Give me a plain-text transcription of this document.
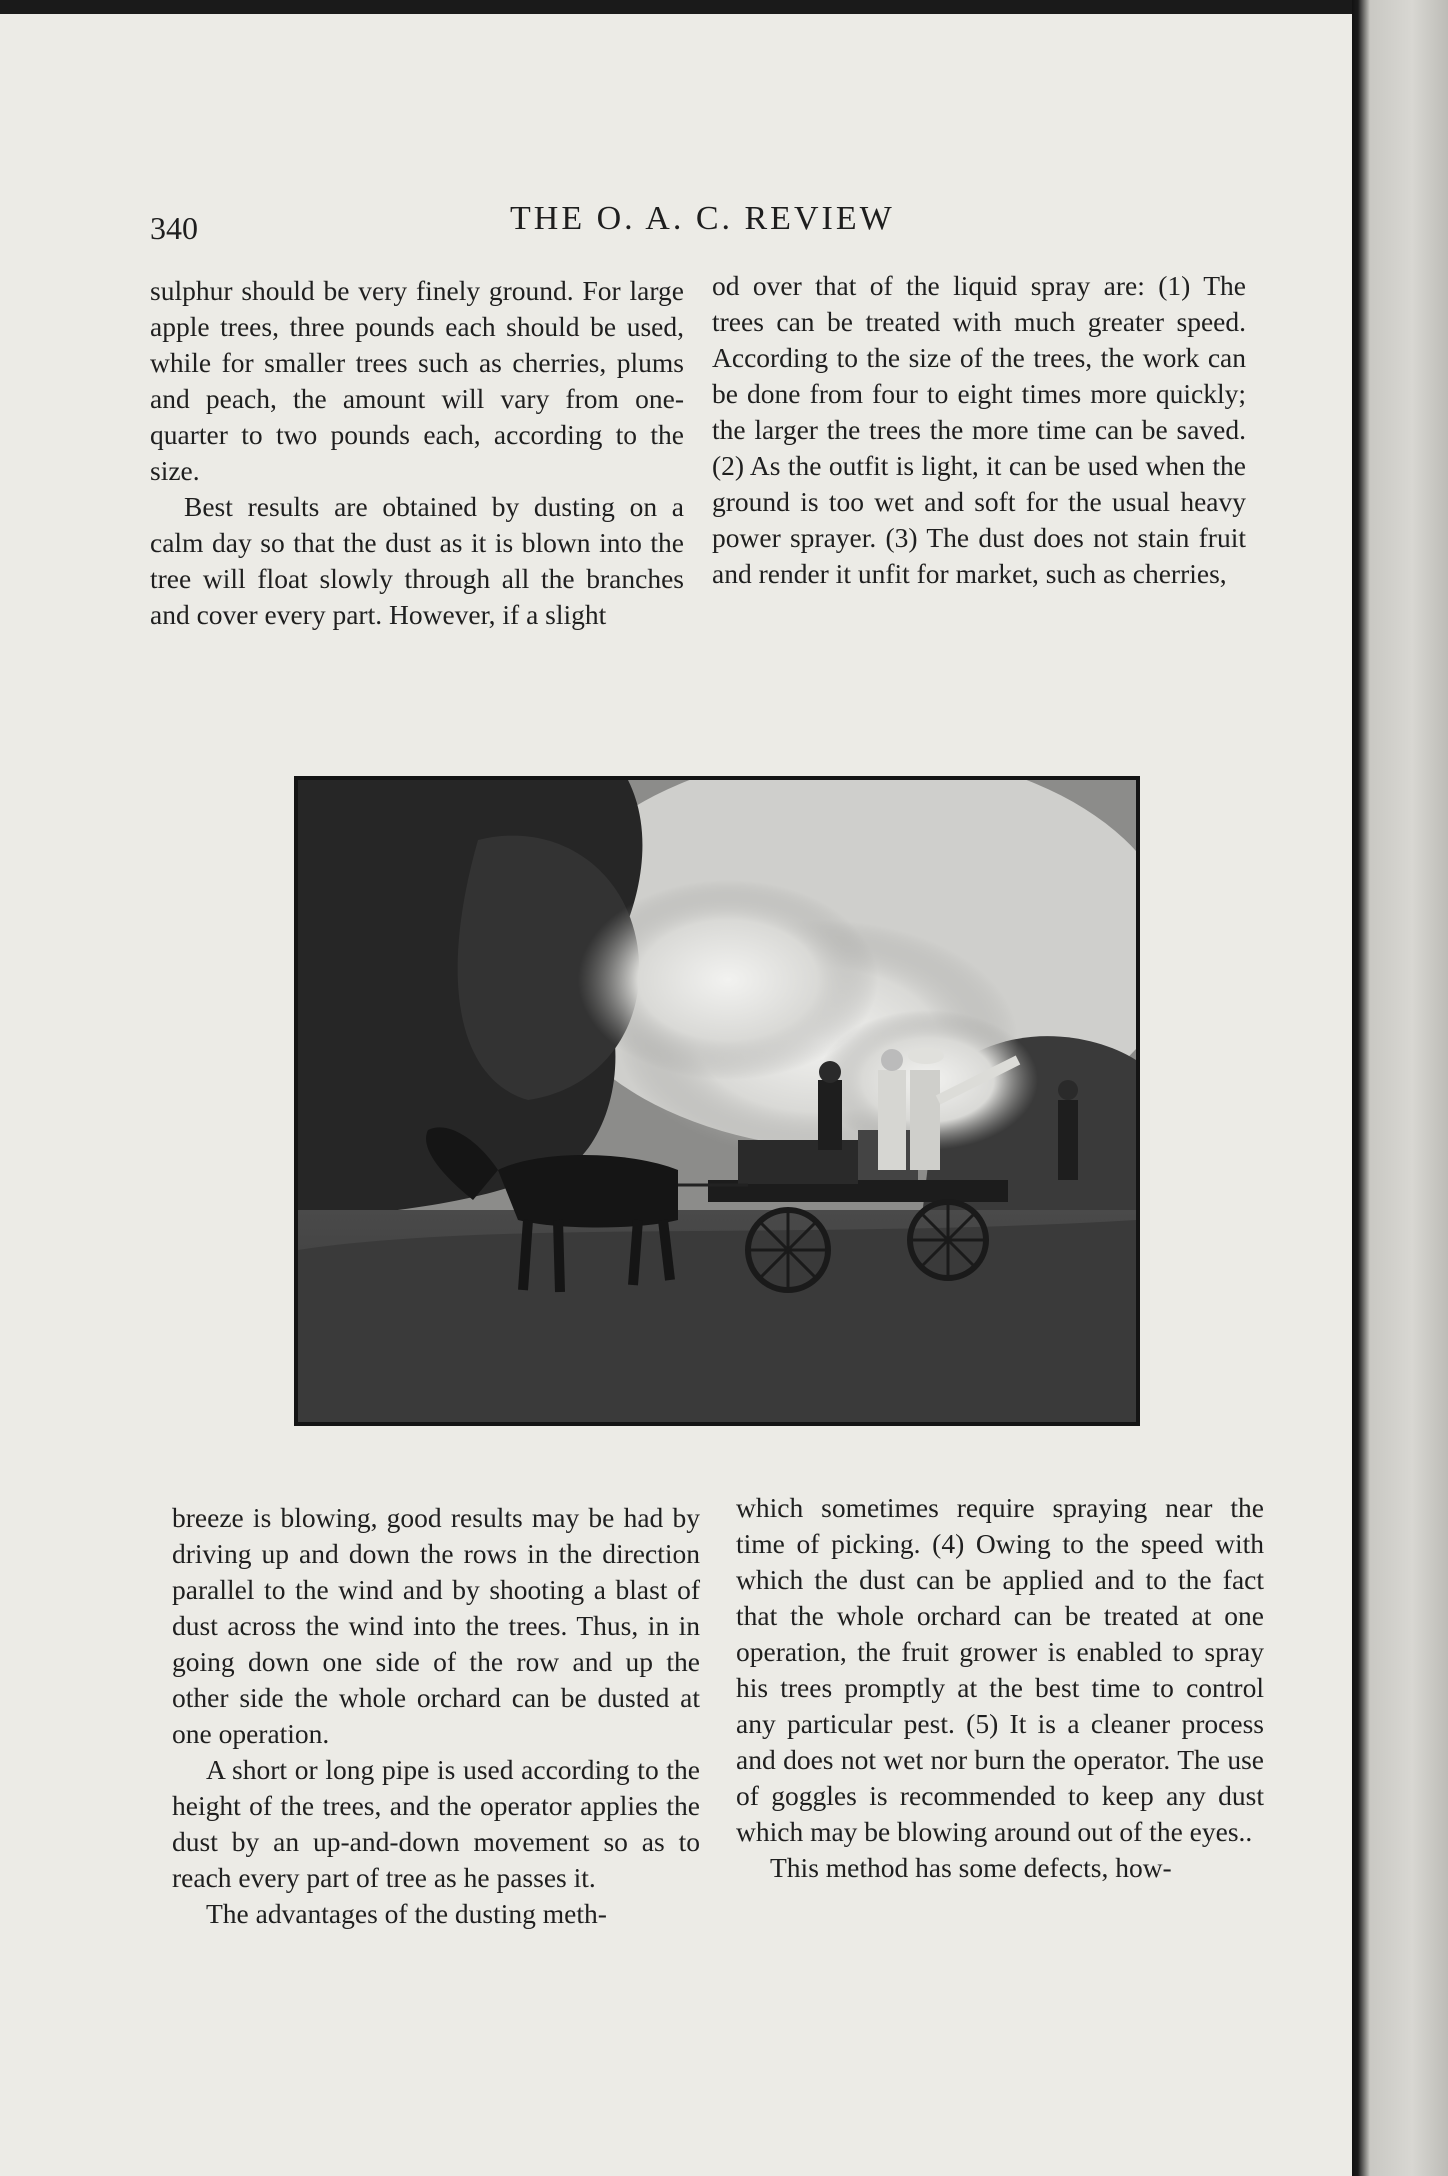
340	THE O. A. C. REVIEW

sulphur should be very finely ground. For large apple trees, three pounds each should be used, while for smaller trees such as cherries, plums and peach, the amount will vary from one-quarter to two pounds each, according to the size.

Best results are obtained by dusting on a calm day so that the dust as it is blown into the tree will float slowly through all the branches and cover every part. However, if a slight

od over that of the liquid spray are: (1) The trees can be treated with much greater speed. According to the size of the trees, the work can be done from four to eight times more quickly; the larger the trees the more time can be saved. (2) As the outfit is light, it can be used when the ground is too wet and soft for the usual heavy power sprayer. (3) The dust does not stain fruit and render it unfit for market, such as cherries,

breeze is blowing, good results may be had by driving up and down the rows in the direction parallel to the wind and by shooting a blast of dust across the wind into the trees. Thus, in in going down one side of the row and up the other side the whole orchard can be dusted at one operation.

A short or long pipe is used according to the height of the trees, and the operator applies the dust by an up-and-down movement so as to reach every part of tree as he passes it.

The advantages of the dusting meth-

which sometimes require spraying near the time of picking. (4) Owing to the speed with which the dust can be applied and to the fact that the whole orchard can be treated at one operation, the fruit grower is enabled to spray his trees promptly at the best time to control any particular pest. (5) It is a cleaner process and does not wet nor burn the operator. The use of goggles is recommended to keep any dust which may be blowing around out of the eyes..

This method has some defects, how-
